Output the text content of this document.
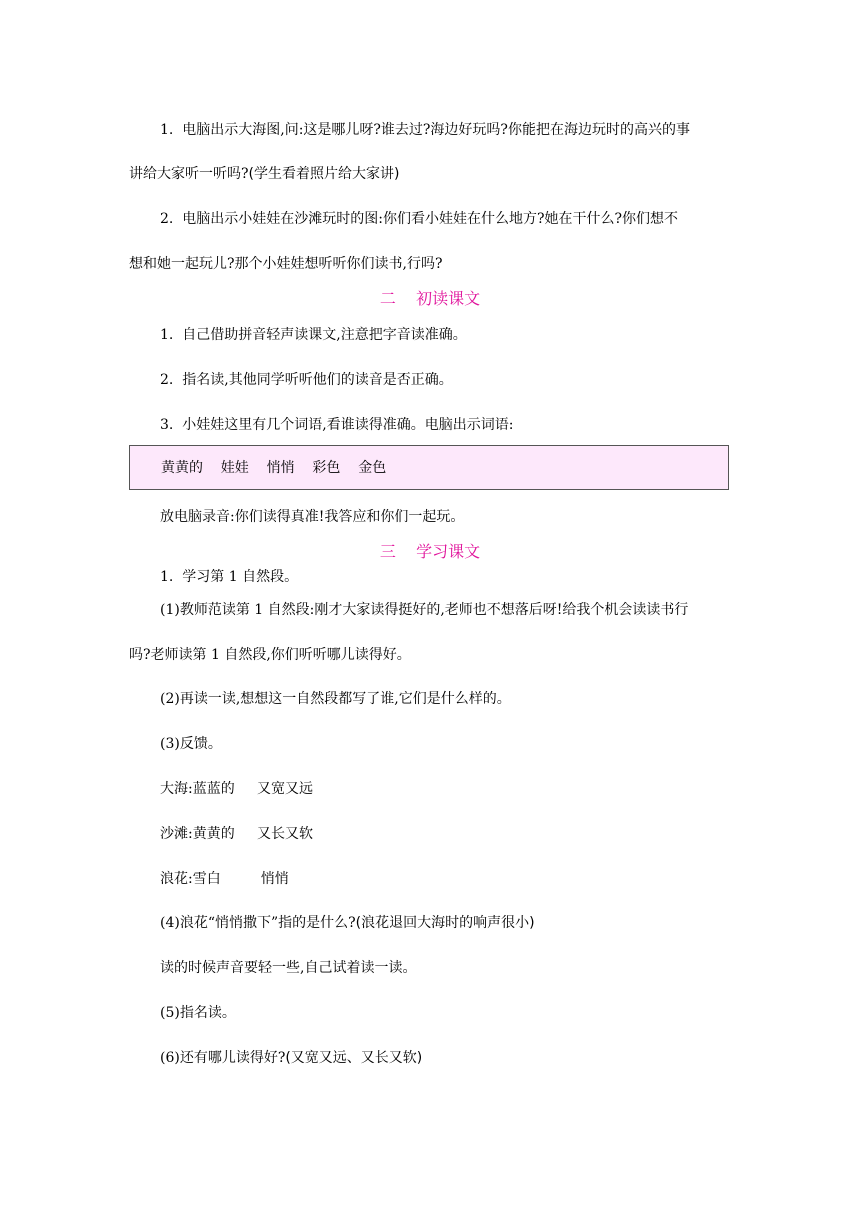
1.  电脑出示大海图,问:这是哪儿呀?谁去过?海边好玩吗?你能把在海边玩时的高兴的事
讲给大家听一听吗?(学生看着照片给大家讲)
2.  电脑出示小娃娃在沙滩玩时的图:你们看小娃娃在什么地方?她在干什么?你们想不
想和她一起玩儿?那个小娃娃想听听你们读书,行吗?
二    初读课文
1.  自己借助拼音轻声读课文,注意把字音读准确。
2.  指名读,其他同学听听他们的读音是否正确。
3.  小娃娃这里有几个词语,看谁读得准确。电脑出示词语:
黄黄的    娃娃    悄悄    彩色    金色
放电脑录音:你们读得真准!我答应和你们一起玩。
三    学习课文
1.  学习第 1 自然段。
(1)教师范读第 1 自然段:刚才大家读得挺好的,老师也不想落后呀!给我个机会读读书行
吗?老师读第 1 自然段,你们听听哪儿读得好。
(2)再读一读,想想这一自然段都写了谁,它们是什么样的。
(3)反馈。
大海:蓝蓝的     又宽又远
沙滩:黄黄的     又长又软
浪花:雪白         悄悄
(4)浪花“悄悄撒下”指的是什么?(浪花退回大海时的响声很小)
读的时候声音要轻一些,自己试着读一读。
(5)指名读。
(6)还有哪儿读得好?(又宽又远、又长又软)
